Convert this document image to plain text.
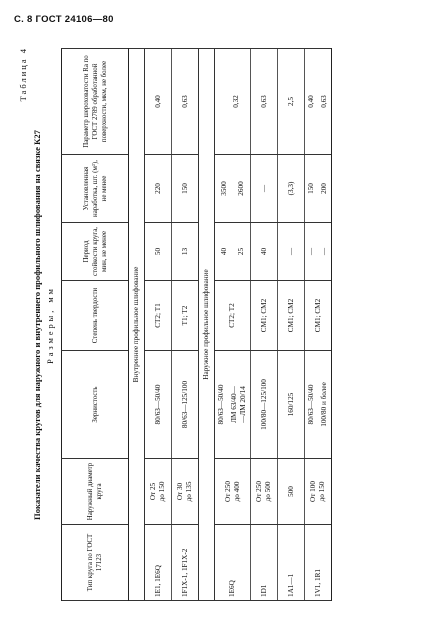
С. 8 ГОСТ 24106—80
Таблица 4
Показатели качества кругов для наружного и внутреннего профильного шлифования на связке К27 Размеры, мм
Тип круга по ГОСТ 17123	Наружный диаметр круга	Зернистость	Степень твердости	Период стойкости круга, мин, не менее	Установленная наработка, шт. (м³), не менее	Параметр шероховатости Ra по ГОСТ 2789 обработанной поверхности, мкм, не более
Внутреннее профильное шлифование						
1Е1, 1Е6Q	От 25 до 150	80/63—50/40	СТ2; Т1	50	220	0,40
1F1Х-1, 1F1Х-2	От 30 до 135	80/63—125/100	Т1; Т2	13	150	0,63
Наружное профильное шлифование						
1Е6Q	От 250 до 400	80/63—50/40 ЛМ 63/40— —ЛМ 20/14	СТ2; Т2	40 25	3500 2600	0,32

1D1	От 250 до 500	100/80—125/100	СМ1; СМ2	40	—	0,63
1А1—1	500	160/125	СМ1; СМ2	—	(3,3)	2,5
1V1, 1R1	От 100 до 150	80/63—50/40 100/80 и более	СМ1; СМ2	— —	150 200	0,40 0,63
